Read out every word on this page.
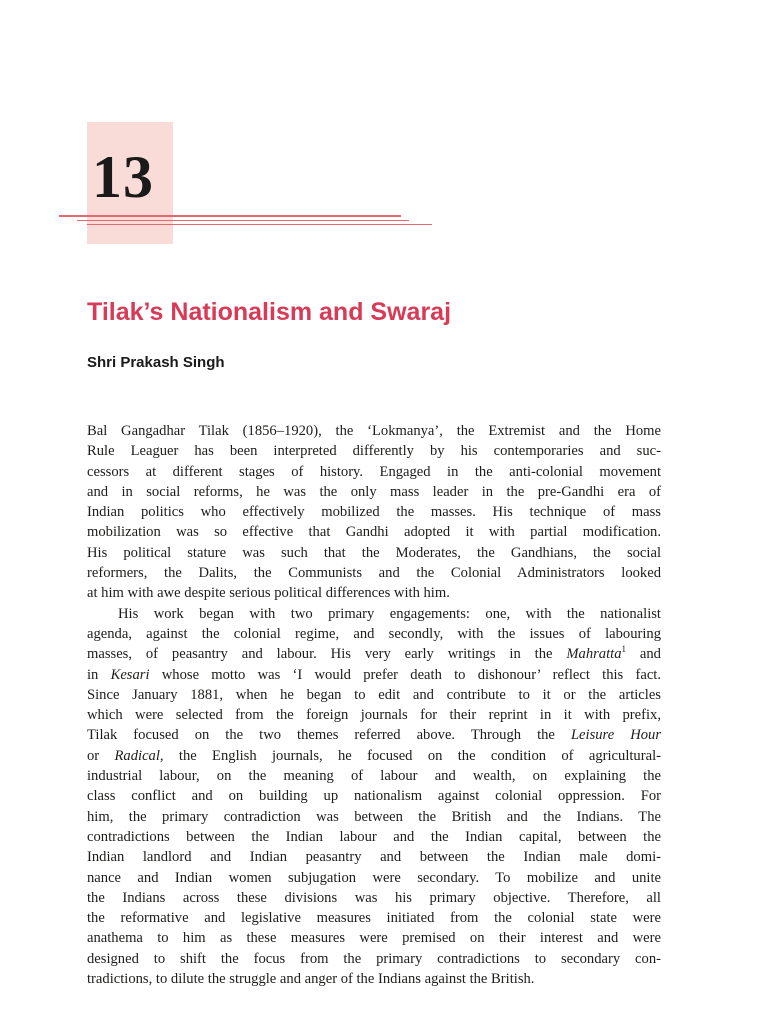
13
Tilak’s Nationalism and Swaraj

Shri Prakash Singh

Bal Gangadhar Tilak (1856–1920), the ‘Lokmanya’, the Extremist and the Home
Rule Leaguer has been interpreted differently by his contemporaries and suc-
cessors at different stages of history. Engaged in the anti-colonial movement
and in social reforms, he was the only mass leader in the pre-Gandhi era of
Indian politics who effectively mobilized the masses. His technique of mass
mobilization was so effective that Gandhi adopted it with partial modification.
His political stature was such that the Moderates, the Gandhians, the social
reformers, the Dalits, the Communists and the Colonial Administrators looked
at him with awe despite serious political differences with him.
His work began with two primary engagements: one, with the nationalist
agenda, against the colonial regime, and secondly, with the issues of labouring
masses, of peasantry and labour. His very early writings in the Mahratta$^1$ and
in Kesari whose motto was ‘I would prefer death to dishonour’ reflect this fact.
Since January 1881, when he began to edit and contribute to it or the articles
which were selected from the foreign journals for their reprint in it with prefix,
Tilak focused on the two themes referred above. Through the Leisure Hour
or Radical, the English journals, he focused on the condition of agricultural-
industrial labour, on the meaning of labour and wealth, on explaining the
class conflict and on building up nationalism against colonial oppression. For
him, the primary contradiction was between the British and the Indians. The
contradictions between the Indian labour and the Indian capital, between the
Indian landlord and Indian peasantry and between the Indian male domi-
nance and Indian women subjugation were secondary. To mobilize and unite
the Indians across these divisions was his primary objective. Therefore, all
the reformative and legislative measures initiated from the colonial state were
anathema to him as these measures were premised on their interest and were
designed to shift the focus from the primary contradictions to secondary con-
tradictions, to dilute the struggle and anger of the Indians against the British.
